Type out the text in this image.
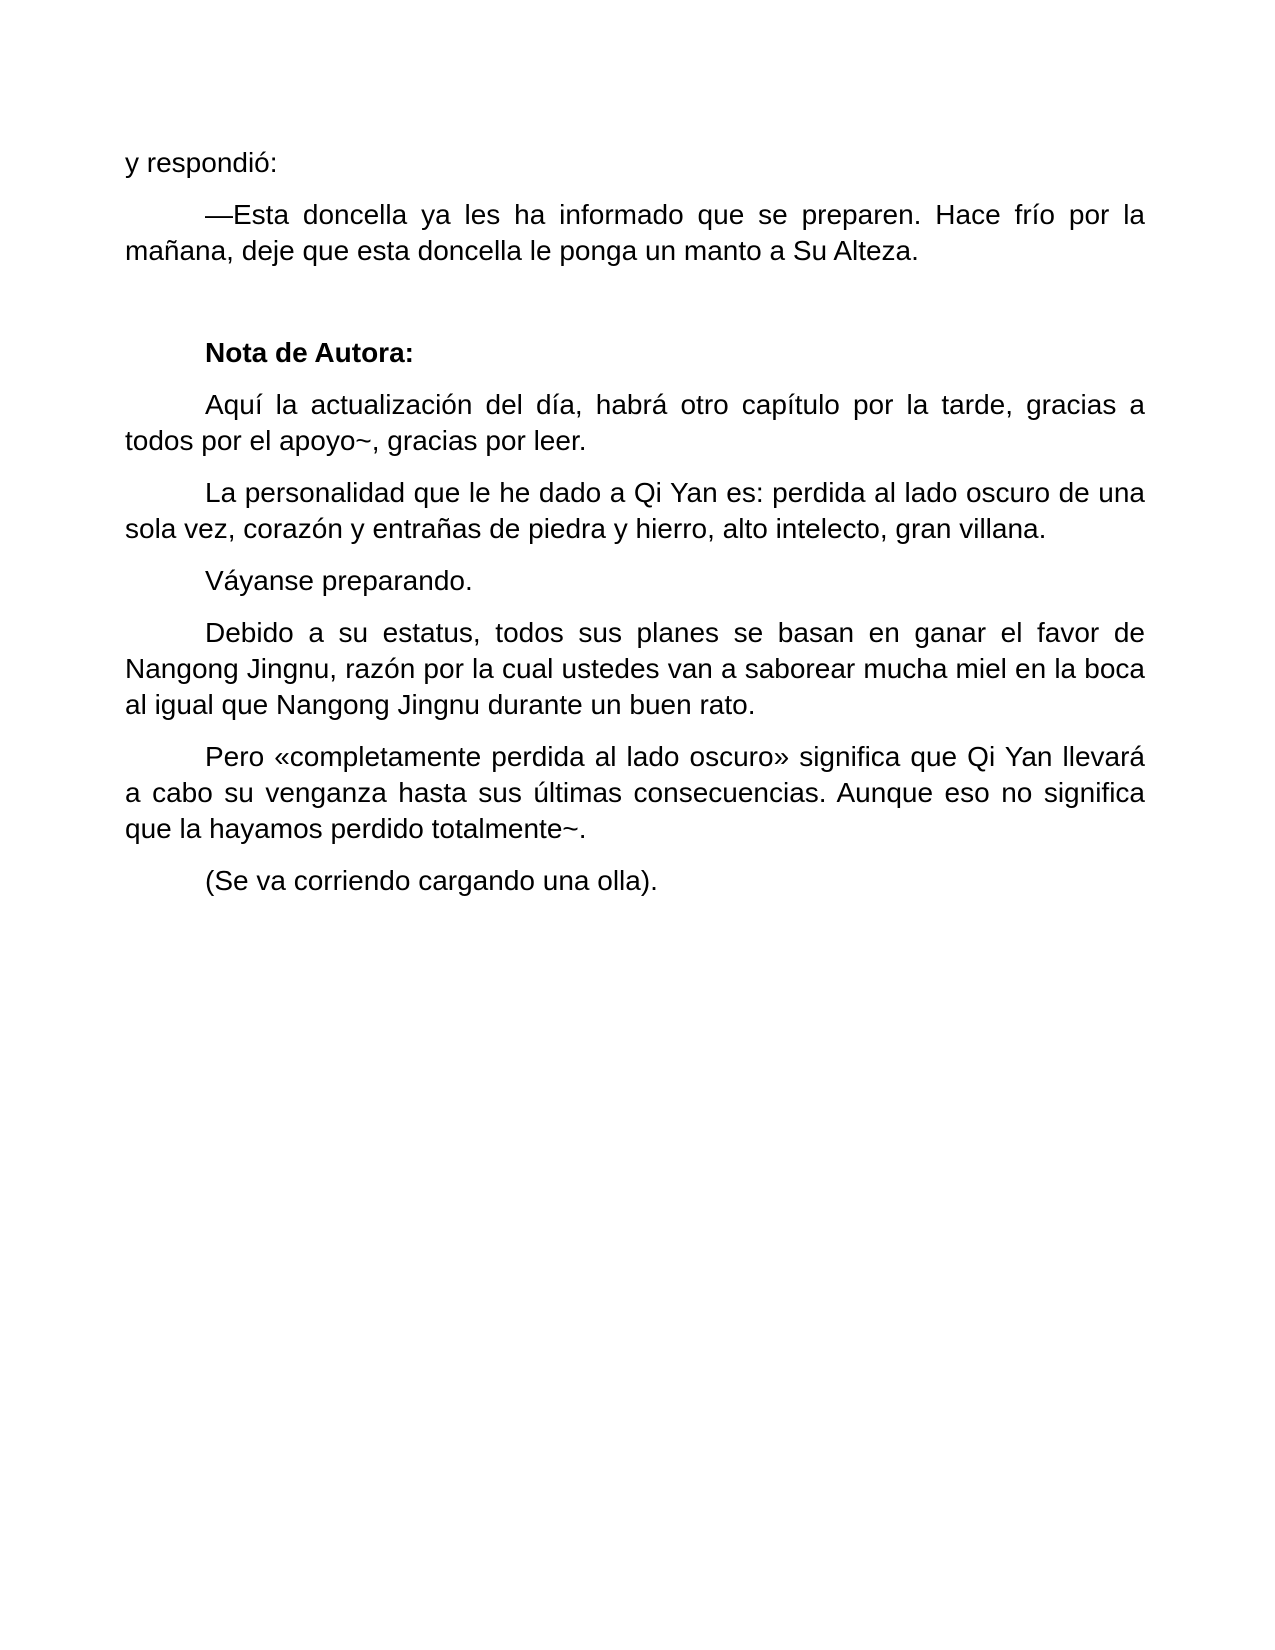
y respondió:

—Esta doncella ya les ha informado que se preparen. Hace frío por la mañana, deje que esta doncella le ponga un manto a Su Alteza.

Nota de Autora:

Aquí la actualización del día, habrá otro capítulo por la tarde, gracias a todos por el apoyo~, gracias por leer.

La personalidad que le he dado a Qi Yan es: perdida al lado oscuro de una sola vez, corazón y entrañas de piedra y hierro, alto intelecto, gran villana.

Váyanse preparando.

Debido a su estatus, todos sus planes se basan en ganar el favor de Nangong Jingnu, razón por la cual ustedes van a saborear mucha miel en la boca al igual que Nangong Jingnu durante un buen rato.

Pero «completamente perdida al lado oscuro» significa que Qi Yan llevará a cabo su venganza hasta sus últimas consecuencias. Aunque eso no significa que la hayamos perdido totalmente~.

(Se va corriendo cargando una olla).
